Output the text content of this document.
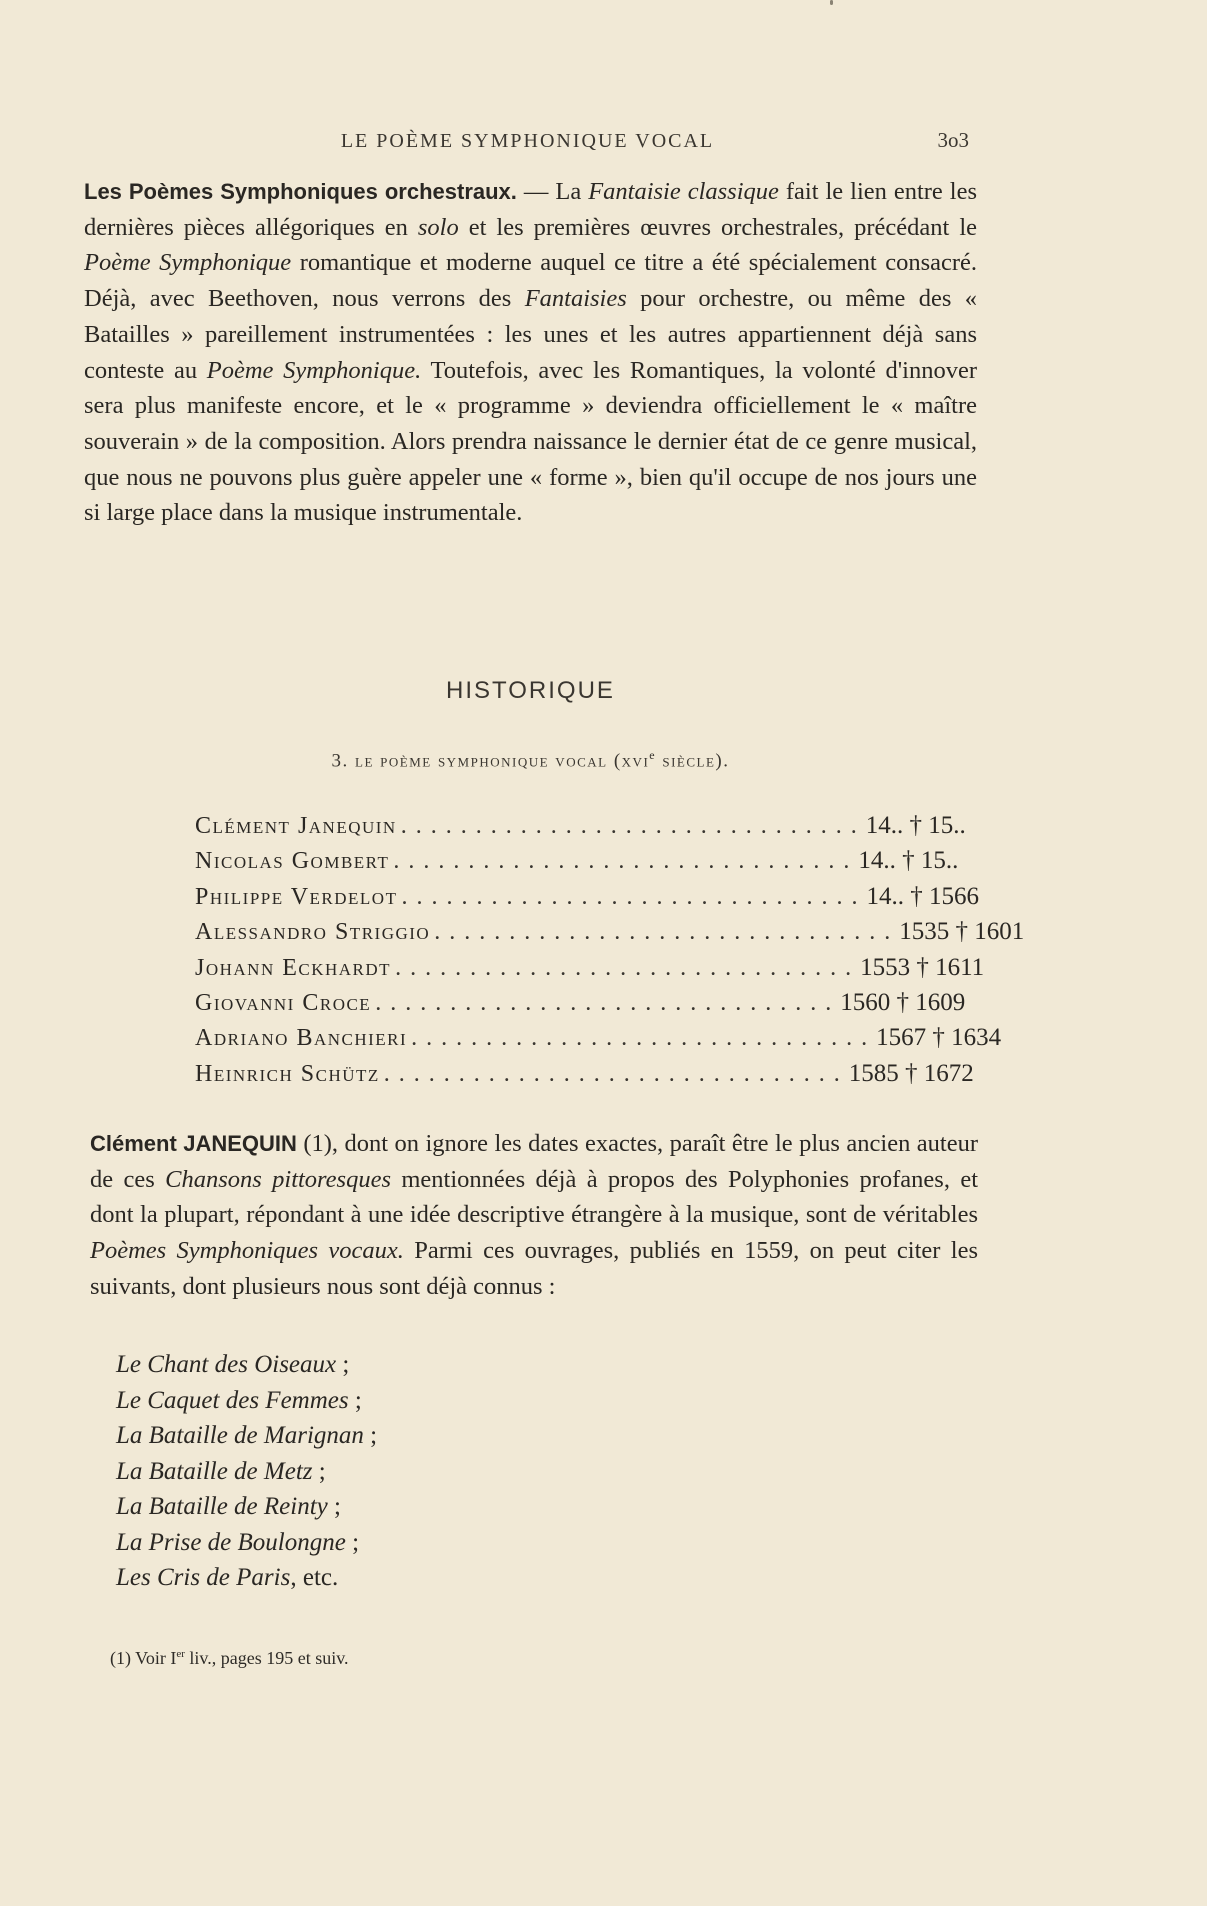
LE POÈME SYMPHONIQUE VOCAL	3o3

Les Poèmes Symphoniques orchestraux. — La Fantaisie classique fait le lien entre les dernières pièces allégoriques en solo et les premières œuvres orchestrales, précédant le Poème Symphonique romantique et moderne auquel ce titre a été spécialement consacré. Déjà, avec Beethoven, nous verrons des Fantaisies pour orchestre, ou même des « Batailles » pareillement instrumentées : les unes et les autres appartiennent déjà sans conteste au Poème Symphonique. Toutefois, avec les Romantiques, la volonté d'innover sera plus manifeste encore, et le « programme » deviendra officiellement le « maître souverain » de la composition. Alors prendra naissance le dernier état de ce genre musical, que nous ne pouvons plus guère appeler une « forme », bien qu'il occupe de nos jours une si large place dans la musique instrumentale.

HISTORIQUE
3. le poème symphonique vocal (xvi$^e$ siècle).
Clément Janequin ............................... 14.. † 15..
Nicolas Gombert ............................... 14.. † 15..
Philippe Verdelot ............................... 14.. † 1566
Alessandro Striggio ............................... 1535 † 1601
Johann Eckhardt ............................... 1553 † 1611
Giovanni Croce ............................... 1560 † 1609
Adriano Banchieri ............................... 1567 † 1634
Heinrich Schütz ............................... 1585 † 1672

Clément JANEQUIN (1), dont on ignore les dates exactes, paraît être le plus ancien auteur de ces Chansons pittoresques mentionnées déjà à propos des Polyphonies profanes, et dont la plupart, répondant à une idée descriptive étrangère à la musique, sont de véritables Poèmes Symphoniques vocaux. Parmi ces ouvrages, publiés en 1559, on peut citer les suivants, dont plusieurs nous sont déjà connus :

Le Chant des Oiseaux ;
Le Caquet des Femmes ;
La Bataille de Marignan ;
La Bataille de Metz ;
La Bataille de Reinty ;
La Prise de Boulongne ;
Les Cris de Paris, etc.
(1) Voir Ier liv., pages 195 et suiv.
